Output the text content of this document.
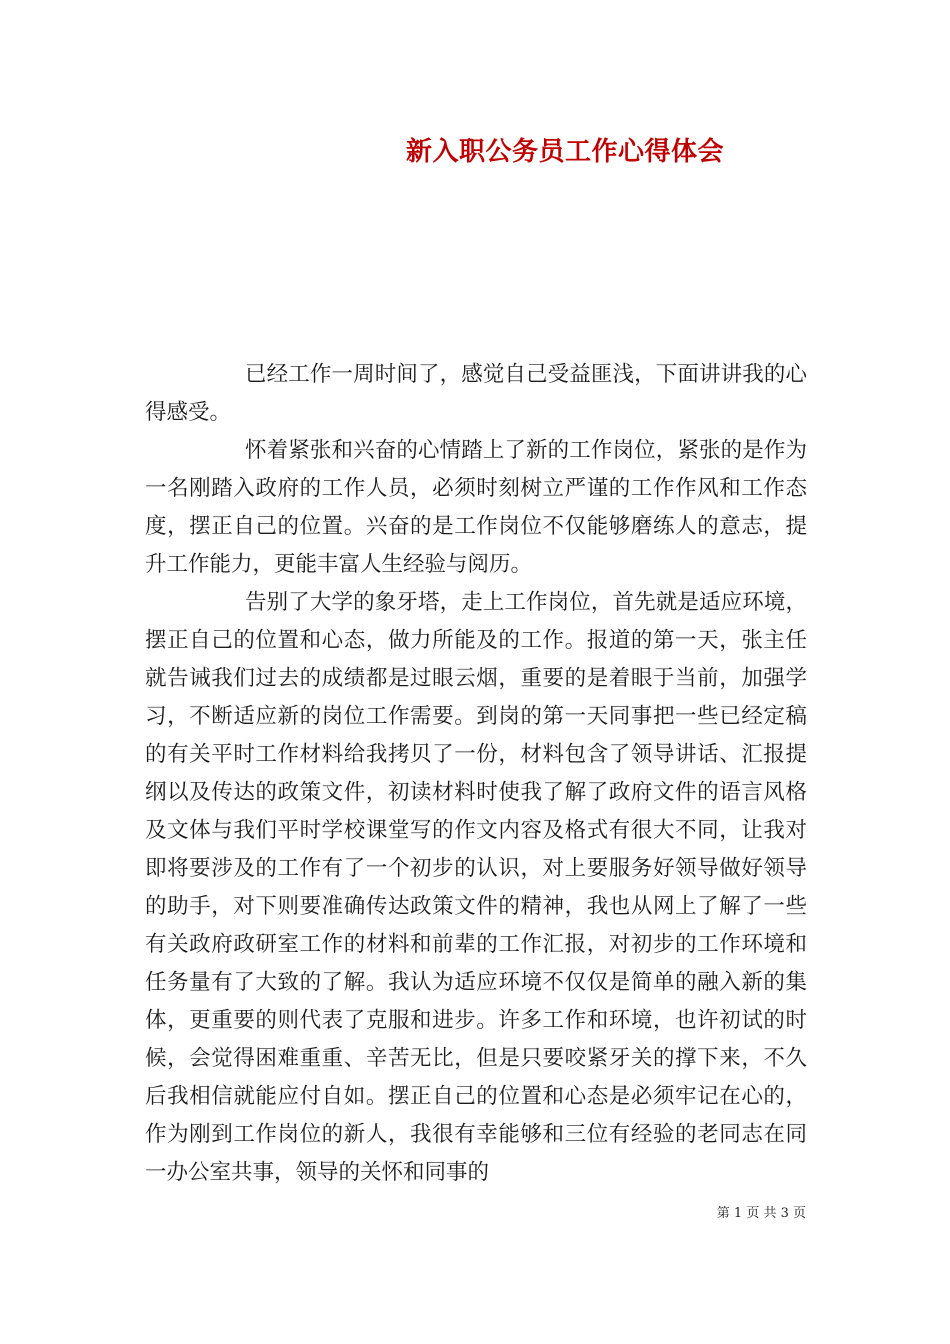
新入职公务员工作心得体会

已经工作一周时间了，感觉自己受益匪浅，下面讲讲我的心得感受。

怀着紧张和兴奋的心情踏上了新的工作岗位，紧张的是作为一名刚踏入政府的工作人员，必须时刻树立严谨的工作作风和工作态度，摆正自己的位置。兴奋的是工作岗位不仅能够磨练人的意志，提升工作能力，更能丰富人生经验与阅历。

告别了大学的象牙塔，走上工作岗位，首先就是适应环境，摆正自己的位置和心态，做力所能及的工作。报道的第一天，张主任就告诫我们过去的成绩都是过眼云烟，重要的是着眼于当前，加强学习，不断适应新的岗位工作需要。到岗的第一天同事把一些已经定稿的有关平时工作材料给我拷贝了一份，材料包含了领导讲话、汇报提纲以及传达的政策文件，初读材料时使我了解了政府文件的语言风格及文体与我们平时学校课堂写的作文内容及格式有很大不同，让我对即将要涉及的工作有了一个初步的认识，对上要服务好领导做好领导的助手，对下则要准确传达政策文件的精神，我也从网上了解了一些有关政府政研室工作的材料和前辈的工作汇报，对初步的工作环境和任务量有了大致的了解。我认为适应环境不仅仅是简单的融入新的集体，更重要的则代表了克服和进步。许多工作和环境，也许初试的时候，会觉得困难重重、辛苦无比，但是只要咬紧牙关的撑下来，不久后我相信就能应付自如。摆正自己的位置和心态是必须牢记在心的，作为刚到工作岗位的新人，我很有幸能够和三位有经验的老同志在同一办公室共事，领导的关怀和同事的

第 1 页 共 3 页
